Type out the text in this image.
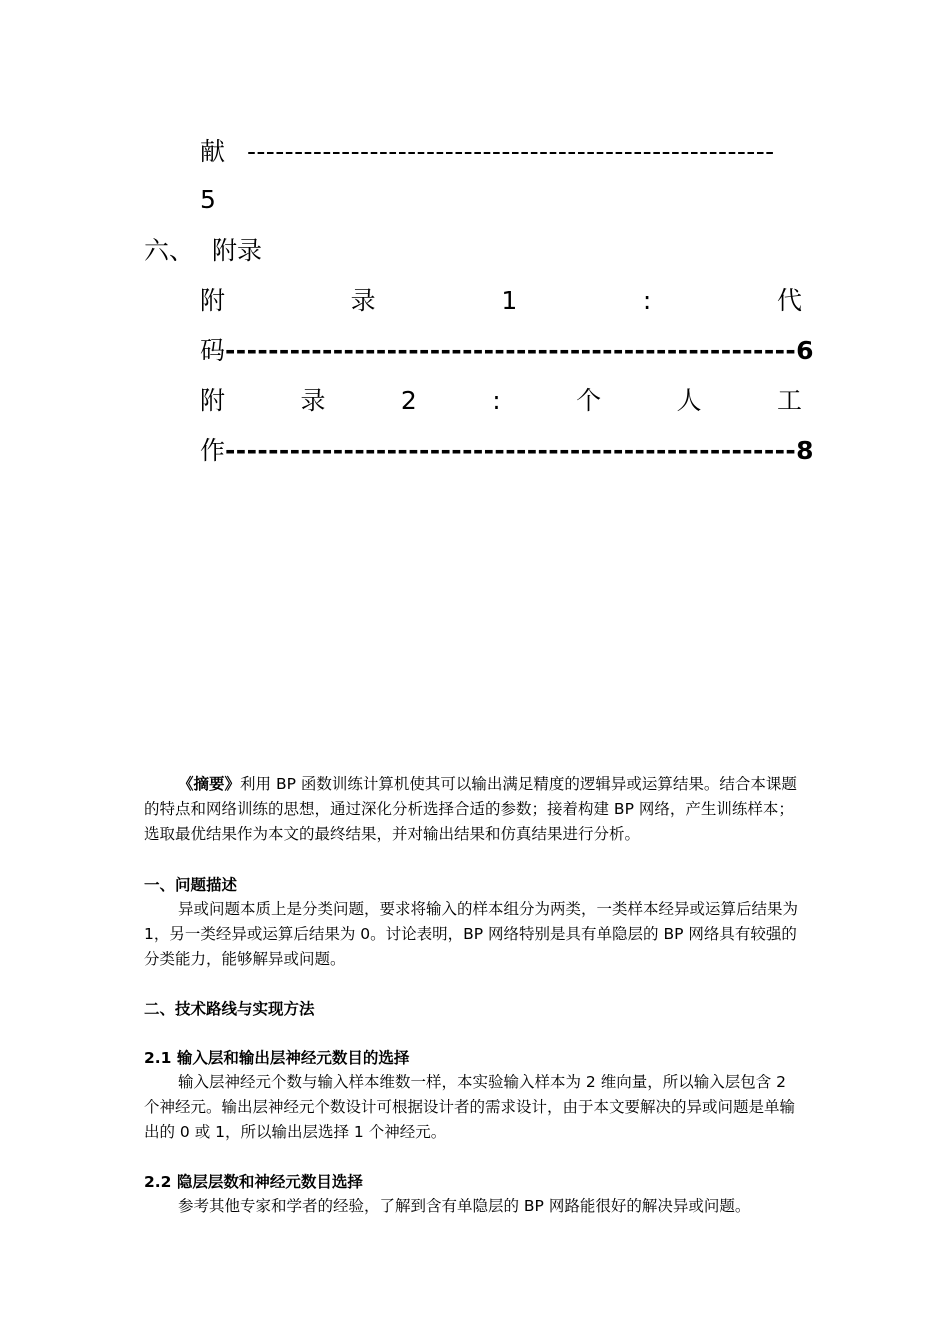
献 --------------------------------------------------------
5
六、 附录
附	录	1	:	代
码-----------------------------------------------------6
附	录	2	:	个	人	工
作-----------------------------------------------------8
《摘要》利用 BP 函数训练计算机使其可以输出满足精度的逻辑异或运算结果。结合本课题的特点和网络训练的思想，通过深化分析选择合适的参数；接着构建 BP 网络，产生训练样本；选取最优结果作为本文的最终结果，并对输出结果和仿真结果进行分析。
一、问题描述
异或问题本质上是分类问题，要求将输入的样本组分为两类，一类样本经异或运算后结果为 1，另一类经异或运算后结果为 0。讨论表明，BP 网络特别是具有单隐层的 BP 网络具有较强的分类能力，能够解异或问题。
二、技术路线与实现方法
2.1 输入层和输出层神经元数目的选择
输入层神经元个数与输入样本维数一样，本实验输入样本为 2 维向量，所以输入层包含 2 个神经元。输出层神经元个数设计可根据设计者的需求设计，由于本文要解决的异或问题是单输出的 0 或 1，所以输出层选择 1 个神经元。
2.2 隐层层数和神经元数目选择
参考其他专家和学者的经验，了解到含有单隐层的 BP 网路能很好的解决异或问题。
